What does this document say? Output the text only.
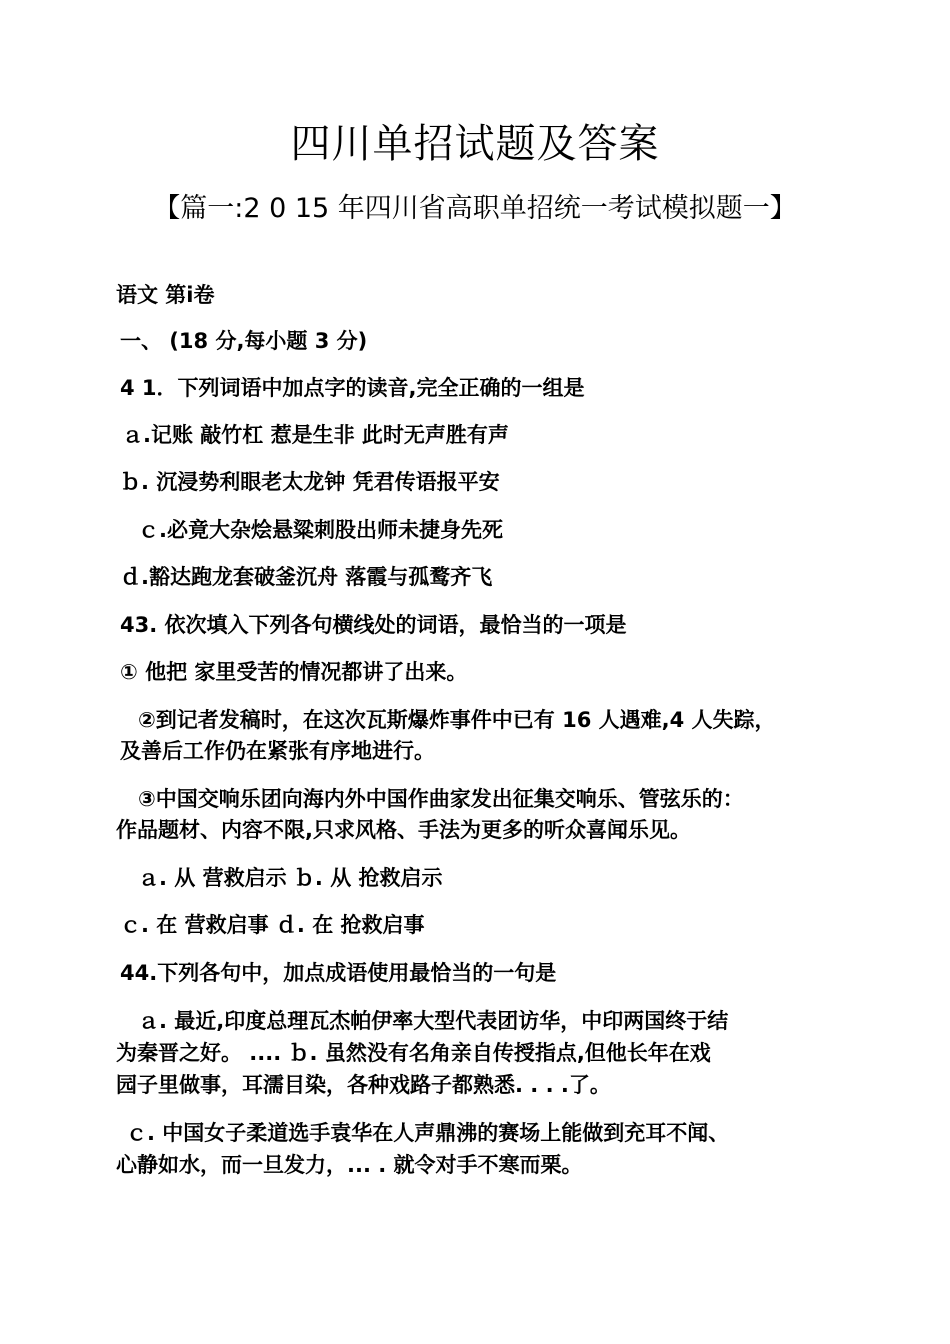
四川单招试题及答案
【篇一:2 0 15 年四川省高职单招统一考试模拟题一】
语文 第ⅰ卷
一、 (18 分,每小题 3 分)
4 1．下列词语中加点字的读音,完全正确的一组是
ａ.记账 敲竹杠 惹是生非 此时无声胜有声
ｂ. 沉浸势利眼老太龙钟 凭君传语报平安
ｃ.必竟大杂烩悬粱刺股出师未捷身先死
ｄ.豁达跑龙套破釜沉舟 落霞与孤鹜齐飞
43. 依次填入下列各句横线处的词语，最恰当的一项是
① 他把 家里受苦的情况都讲了出来。
②到记者发稿时，在这次瓦斯爆炸事件中已有 16 人遇难,4 人失踪，
及善后工作仍在紧张有序地进行。
③中国交响乐团向海内外中国作曲家发出征集交响乐、管弦乐的：
作品题材、内容不限,只求风格、手法为更多的听众喜闻乐见。
ａ. 从 营救启示 ｂ. 从 抢救启示
ｃ. 在 营救启事 ｄ. 在 抢救启事
44.下列各句中，加点成语使用最恰当的一句是
ａ. 最近,印度总理瓦杰帕伊率大型代表团访华，中印两国终于结
为秦晋之好。 .... ｂ. 虽然没有名角亲自传授指点,但他长年在戏
园子里做事，耳濡目染，各种戏路子都熟悉. . . .了。
ｃ. 中国女子柔道选手袁华在人声鼎沸的赛场上能做到充耳不闻、
心静如水，而一旦发力，... . 就令对手不寒而栗。
